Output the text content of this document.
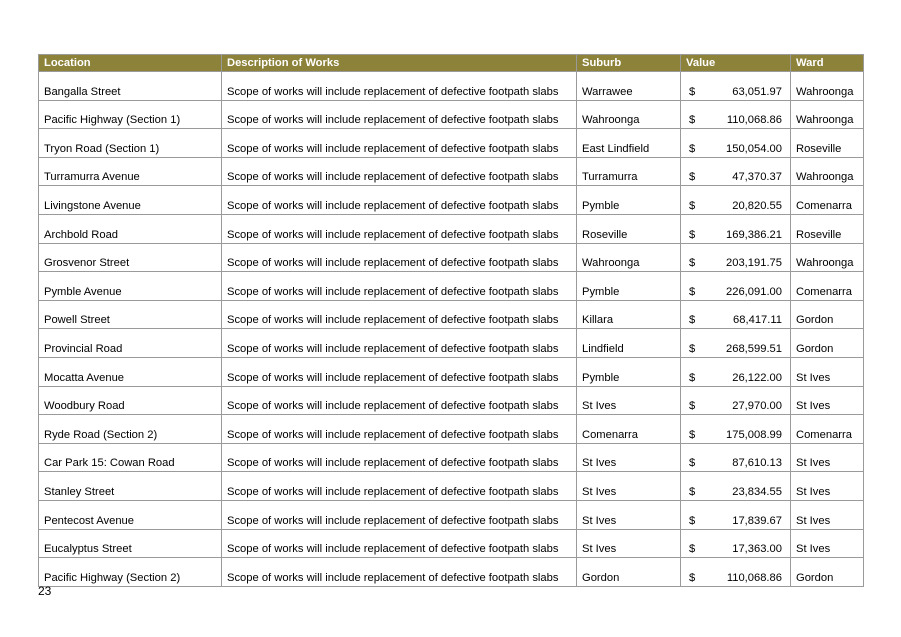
Location	Description of Works	Suburb	Value	Ward
Bangalla Street	Scope of works will include replacement of defective footpath slabs	Warrawee	$ 63,051.97	Wahroonga
Pacific Highway (Section 1)	Scope of works will include replacement of defective footpath slabs	Wahroonga	$ 110,068.86	Wahroonga
Tryon Road (Section 1)	Scope of works will include replacement of defective footpath slabs	East Lindfield	$ 150,054.00	Roseville
Turramurra Avenue	Scope of works will include replacement of defective footpath slabs	Turramurra	$ 47,370.37	Wahroonga
Livingstone Avenue	Scope of works will include replacement of defective footpath slabs	Pymble	$ 20,820.55	Comenarra
Archbold Road	Scope of works will include replacement of defective footpath slabs	Roseville	$ 169,386.21	Roseville
Grosvenor Street	Scope of works will include replacement of defective footpath slabs	Wahroonga	$ 203,191.75	Wahroonga
Pymble Avenue	Scope of works will include replacement of defective footpath slabs	Pymble	$ 226,091.00	Comenarra
Powell Street	Scope of works will include replacement of defective footpath slabs	Killara	$ 68,417.11	Gordon
Provincial Road	Scope of works will include replacement of defective footpath slabs	Lindfield	$ 268,599.51	Gordon
Mocatta Avenue	Scope of works will include replacement of defective footpath slabs	Pymble	$ 26,122.00	St Ives
Woodbury Road	Scope of works will include replacement of defective footpath slabs	St Ives	$ 27,970.00	St Ives
Ryde Road (Section 2)	Scope of works will include replacement of defective footpath slabs	Comenarra	$ 175,008.99	Comenarra
Car Park 15: Cowan Road	Scope of works will include replacement of defective footpath slabs	St Ives	$ 87,610.13	St Ives
Stanley Street	Scope of works will include replacement of defective footpath slabs	St Ives	$ 23,834.55	St Ives
Pentecost Avenue	Scope of works will include replacement of defective footpath slabs	St Ives	$ 17,839.67	St Ives
Eucalyptus Street	Scope of works will include replacement of defective footpath slabs	St Ives	$ 17,363.00	St Ives
Pacific Highway (Section 2)	Scope of works will include replacement of defective footpath slabs	Gordon	$ 110,068.86	Gordon
23
